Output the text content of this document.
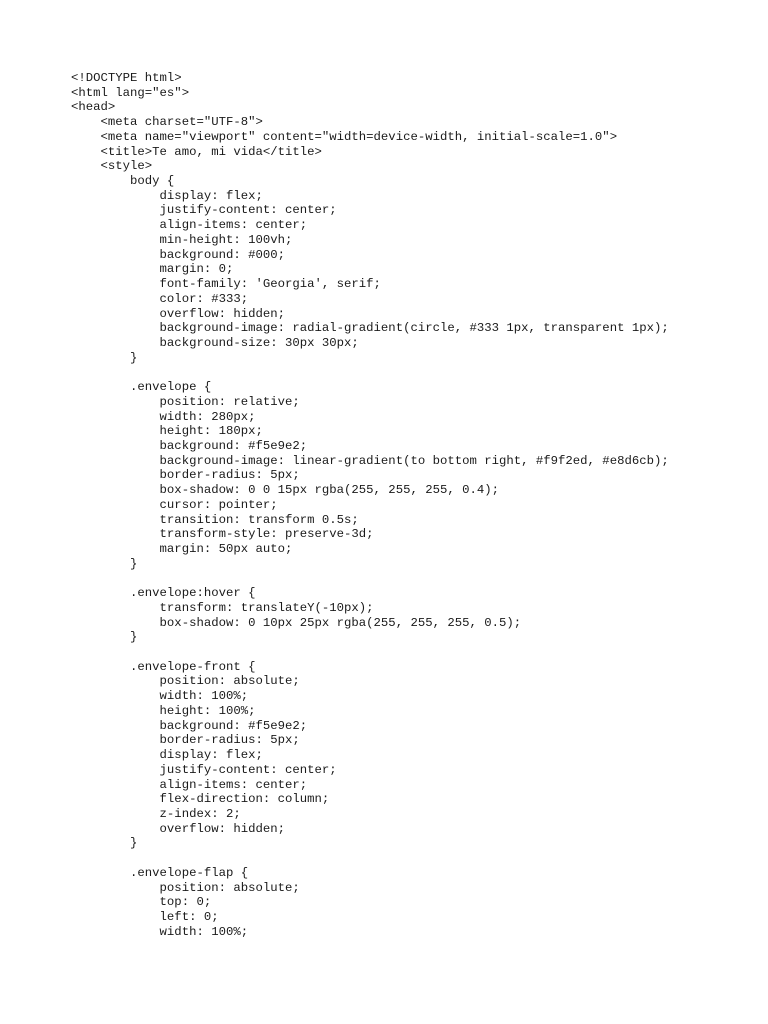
<!DOCTYPE html>
<html lang="es">
<head>
<meta charset="UTF-8">
<meta name="viewport" content="width=device-width, initial-scale=1.0">
<title>Te amo, mi vida</title>
<style>
body {
display: flex;
justify-content: center;
align-items: center;
min-height: 100vh;
background: #000;
margin: 0;
font-family: 'Georgia', serif;
color: #333;
overflow: hidden;
background-image: radial-gradient(circle, #333 1px, transparent 1px);
background-size: 30px 30px;
}
.envelope {
position: relative;
width: 280px;
height: 180px;
background: #f5e9e2;
background-image: linear-gradient(to bottom right, #f9f2ed, #e8d6cb);
border-radius: 5px;
box-shadow: 0 0 15px rgba(255, 255, 255, 0.4);
cursor: pointer;
transition: transform 0.5s;
transform-style: preserve-3d;
margin: 50px auto;
}
.envelope:hover {
transform: translateY(-10px);
box-shadow: 0 10px 25px rgba(255, 255, 255, 0.5);
}
.envelope-front {
position: absolute;
width: 100%;
height: 100%;
background: #f5e9e2;
border-radius: 5px;
display: flex;
justify-content: center;
align-items: center;
flex-direction: column;
z-index: 2;
overflow: hidden;
}
.envelope-flap {
position: absolute;
top: 0;
left: 0;
width: 100%;
